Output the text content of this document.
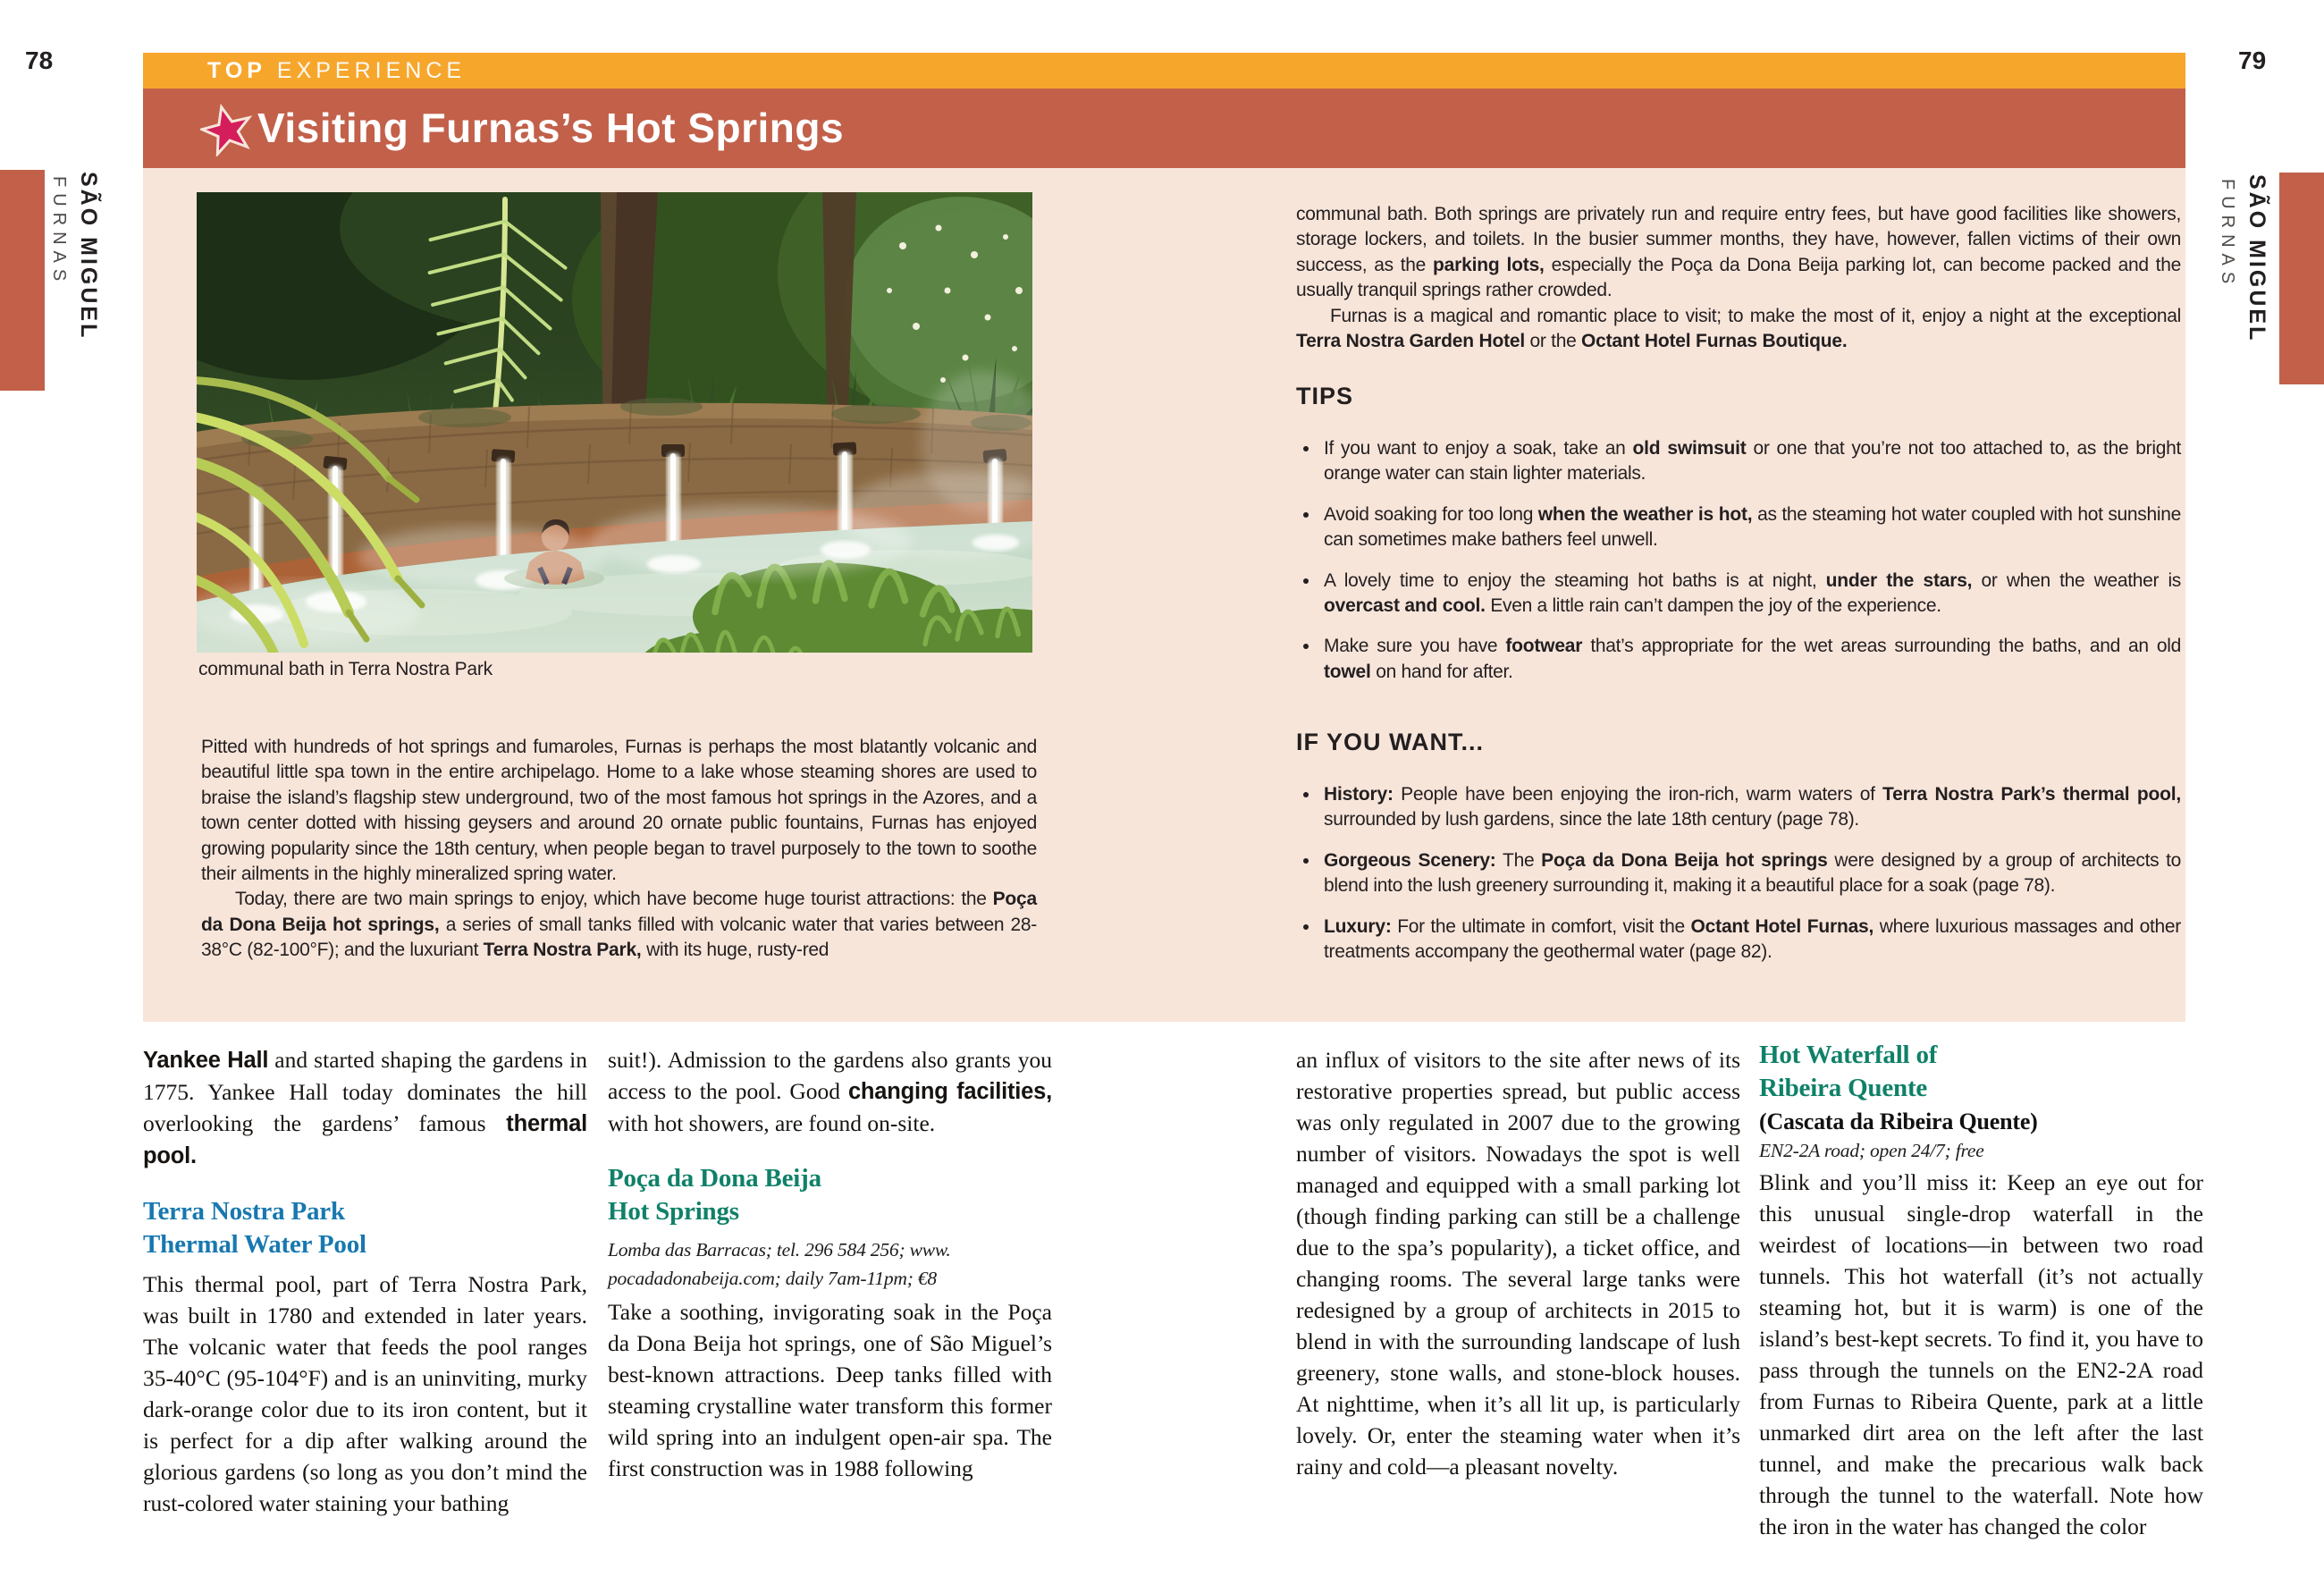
78	79
TOP EXPERIENCE
Visiting Furnas’s Hot Springs
SÃO MIGUEL
FURNAS	SÃO MIGUEL
FURNAS
communal bath in Terra Nostra Park

Pitted with hundreds of hot springs and fumaroles, Furnas is perhaps the most blatantly volcanic and beautiful little spa town in the entire archipelago. Home to a lake whose steaming shores are used to braise the island’s flagship stew underground, two of the most famous hot springs in the Azores, and a town center dotted with hissing geysers and around 20 ornate public fountains, Furnas has enjoyed growing popularity since the 18th century, when people began to travel purposely to the town to soothe their ailments in the highly mineralized spring water.

Today, there are two main springs to enjoy, which have become huge tourist attractions: the Poça da Dona Beija hot springs, a series of small tanks filled with volcanic water that varies between 28-38°C (82-100°F); and the luxuriant Terra Nostra Park, with its huge, rusty-red

communal bath. Both springs are privately run and require entry fees, but have good facilities like showers, storage lockers, and toilets. In the busier summer months, they have, however, fallen victims of their own success, as the parking lots, especially the Poça da Dona Beija parking lot, can become packed and the usually tranquil springs rather crowded.

Furnas is a magical and romantic place to visit; to make the most of it, enjoy a night at the exceptional Terra Nostra Garden Hotel or the Octant Hotel Furnas Boutique.

TIPS
If you want to enjoy a soak, take an old swimsuit or one that you’re not too attached to, as the bright orange water can stain lighter materials.
Avoid soaking for too long when the weather is hot, as the steaming hot water coupled with hot sunshine can sometimes make bathers feel unwell.
A lovely time to enjoy the steaming hot baths is at night, under the stars, or when the weather is overcast and cool. Even a little rain can’t dampen the joy of the experience.
Make sure you have footwear that’s appropriate for the wet areas surrounding the baths, and an old towel on hand for after.
IF YOU WANT...
History: People have been enjoying the iron-rich, warm waters of Terra Nostra Park’s thermal pool, surrounded by lush gardens, since the late 18th century (page 78).
Gorgeous Scenery: The Poça da Dona Beija hot springs were designed by a group of architects to blend into the lush greenery surrounding it, making it a beautiful place for a soak (page 78).
Luxury: For the ultimate in comfort, visit the Octant Hotel Furnas, where luxurious massages and other treatments accompany the geothermal water (page 82).

Yankee Hall and started shaping the gardens in 1775. Yankee Hall today dominates the hill overlooking the gardens’ famous thermal pool.

Terra Nostra Park
Thermal Water Pool

This thermal pool, part of Terra Nostra Park, was built in 1780 and extended in later years. The volcanic water that feeds the pool ranges 35-40°C (95-104°F) and is an uninviting, murky dark-orange color due to its iron content, but it is perfect for a dip after walking around the glorious gardens (so long as you don’t mind the rust-colored water staining your bathing

suit!). Admission to the gardens also grants you access to the pool. Good changing facilities, with hot showers, are found on-site.

Poça da Dona Beija
Hot Springs
Lomba das Barracas; tel. 296 584 256; www.
pocadadonabeija.com; daily 7am-11pm; €8

Take a soothing, invigorating soak in the Poça da Dona Beija hot springs, one of São Miguel’s best-known attractions. Deep tanks filled with steaming crystalline water transform this former wild spring into an indulgent open-air spa. The first construction was in 1988 following

an influx of visitors to the site after news of its restorative properties spread, but public access was only regulated in 2007 due to the growing number of visitors. Nowadays the spot is well managed and equipped with a small parking lot (though finding parking can still be a challenge due to the spa’s popularity), a ticket office, and changing rooms. The several large tanks were redesigned by a group of architects in 2015 to blend in with the surrounding landscape of lush greenery, stone walls, and stone-block houses. At nighttime, when it’s all lit up, is particularly lovely. Or, enter the steaming water when it’s rainy and cold—a pleasant novelty.

Hot Waterfall of
Ribeira Quente
(Cascata da Ribeira Quente)
EN2-2A road; open 24/7; free

Blink and you’ll miss it: Keep an eye out for this unusual single-drop waterfall in the weirdest of locations—in between two road tunnels. This hot waterfall (it’s not actually steaming hot, but it is warm) is one of the island’s best-kept secrets. To find it, you have to pass through the tunnels on the EN2-2A road from Furnas to Ribeira Quente, park at a little unmarked dirt area on the left after the last tunnel, and make the precarious walk back through the tunnel to the waterfall. Note how the iron in the water has changed the color
